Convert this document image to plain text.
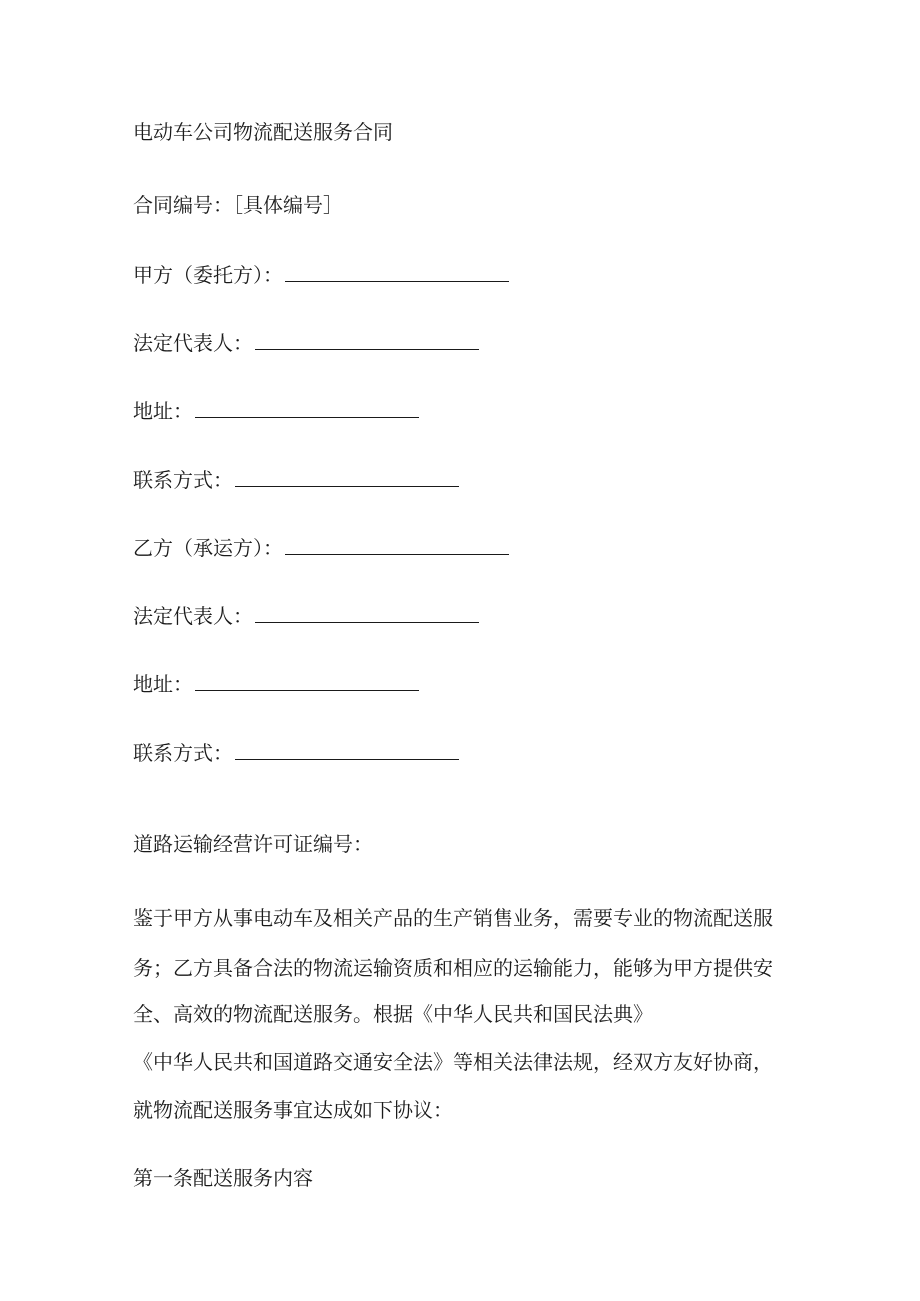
电动车公司物流配送服务合同
合同编号：［具体编号］
甲方（委托方）：
法定代表人：
地址：
联系方式：
乙方（承运方）：
法定代表人：
地址：
联系方式：
道路运输经营许可证编号：
鉴于甲方从事电动车及相关产品的生产销售业务，需要专业的物流配送服
务；乙方具备合法的物流运输资质和相应的运输能力，能够为甲方提供安
全、高效的物流配送服务。根据《中华人民共和国民法典》
《中华人民共和国道路交通安全法》等相关法律法规，经双方友好协商，
就物流配送服务事宜达成如下协议：
第一条配送服务内容
